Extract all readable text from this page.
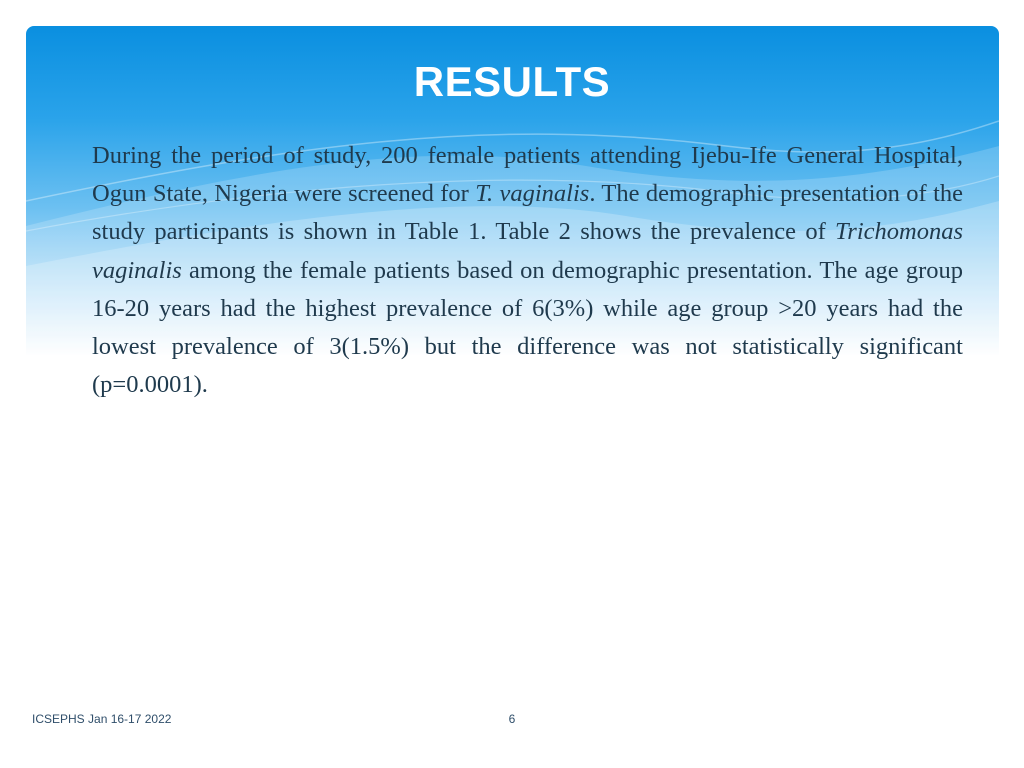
RESULTS

During the period of study, 200 female patients attending Ijebu-Ife General Hospital, Ogun State, Nigeria were screened for T. vaginalis. The demographic presentation of the study participants is shown in Table 1. Table 2 shows the prevalence of Trichomonas vaginalis among the female patients based on demographic presentation. The age group 16-20 years had the highest prevalence of 6(3%) while age group >20 years had the lowest prevalence of 3(1.5%) but the difference was not statistically significant (p=0.0001).

ICSEPHS Jan 16-17 2022	6
